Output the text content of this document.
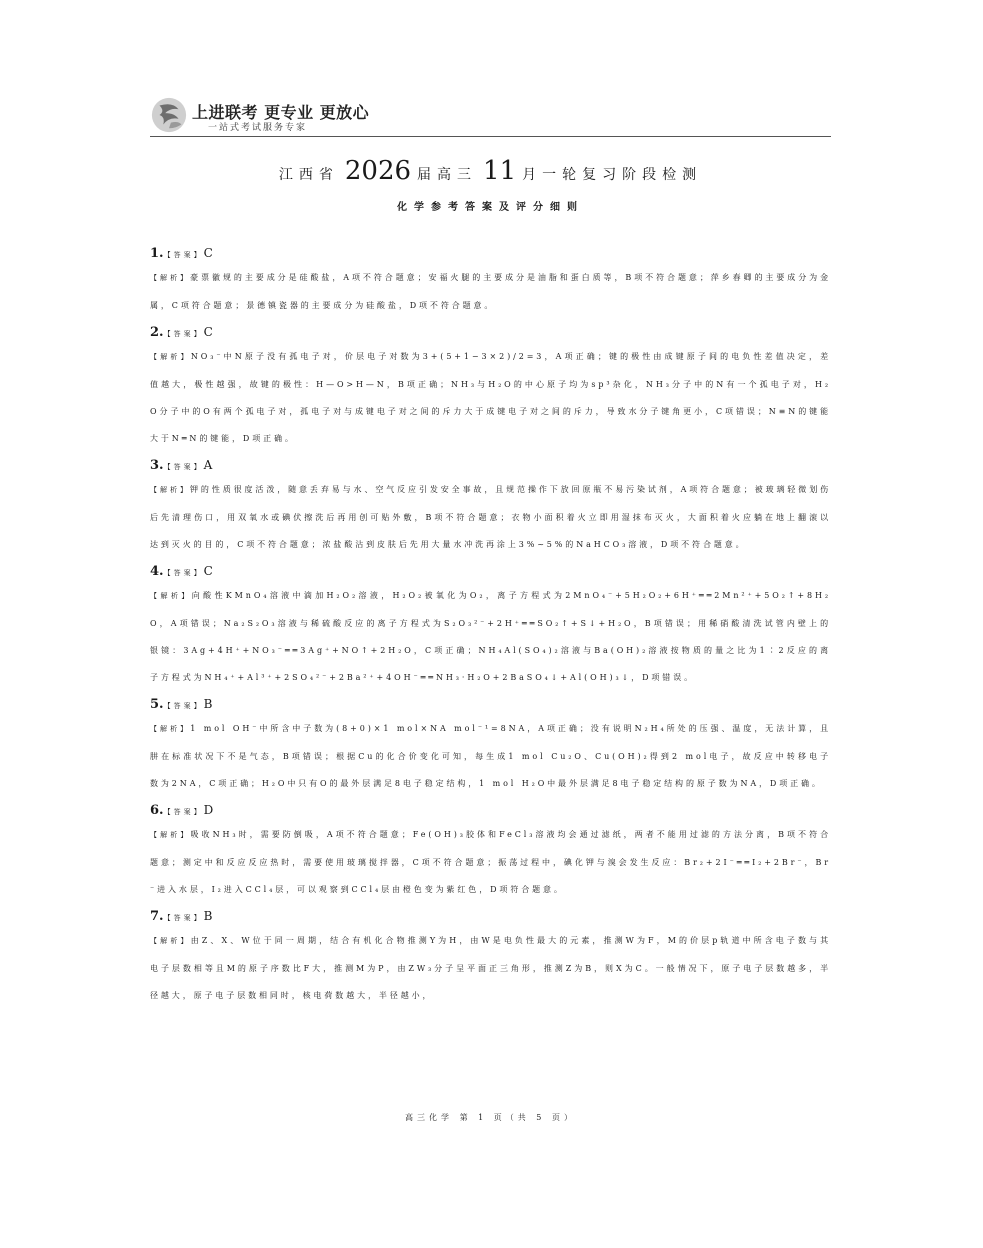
上进联考 更专业 更放心
一站式考试服务专家
江西省 2026 届高三 11 月一轮复习阶段检测
化学参考答案及评分细则
1.【答案】C
【解析】豪票徽规的主要成分是硅酸盐，A项不符合题意；安福火腿的主要成分是油脂和蛋白质等，B项不符合题意；萍乡春卿的主要成分为金属，C项符合题意；景德镇瓷器的主要成分为硅酸盐，D项不符合题意。
2.【答案】C
【解析】NO₃⁻中N原子没有孤电子对，价层电子对数为3+(5+1−3×2)/2=3，A项正确；键的极性由成键原子间的电负性差值决定，差值越大，极性越强，故键的极性：H—O>H—N，B项正确；NH₃与H₂O的中心原子均为sp³杂化，NH₃分子中的N有一个孤电子对，H₂O分子中的O有两个孤电子对，孤电子对与成键电子对之间的斥力大于成键电子对之间的斥力，导致水分子键角更小，C项错误；N≡N的键能大于N═N的键能，D项正确。
3.【答案】A
【解析】钾的性质很度活泼，随意丢弃易与水、空气反应引发安全事故，且规范操作下放回原瓶不易污染试剂，A项符合题意；被玻璃轻微划伤后先清理伤口，用双氧水或碘伏擦洗后再用创可贴外敷，B项不符合题意；衣物小面积着火立即用湿抹布灭火，大面积着火应躺在地上翻滚以达到灭火的目的，C项不符合题意；浓盐酸沾到皮肤后先用大量水冲洗再涂上3%~5%的NaHCO₃溶液，D项不符合题意。
4.【答案】C
【解析】向酸性KMnO₄溶液中滴加H₂O₂溶液，H₂O₂被氧化为O₂，离子方程式为2MnO₄⁻+5H₂O₂+6H⁺══2Mn²⁺+5O₂↑+8H₂O，A项错误；Na₂S₂O₃溶液与稀硫酸反应的离子方程式为S₂O₃²⁻+2H⁺══SO₂↑+S↓+H₂O，B项错误；用稀硝酸清洗试管内壁上的银镜：3Ag+4H⁺+NO₃⁻══3Ag⁺+NO↑+2H₂O，C项正确；NH₄Al(SO₄)₂溶液与Ba(OH)₂溶液按物质的量之比为1∶2反应的离子方程式为NH₄⁺+Al³⁺+2SO₄²⁻+2Ba²⁺+4OH⁻══NH₃·H₂O+2BaSO₄↓+Al(OH)₃↓，D项错误。
5.【答案】B
【解析】1 mol OH⁻中所含中子数为(8+0)×1 mol×NA mol⁻¹=8NA，A项正确；没有说明N₂H₄所处的压强、温度，无法计算，且肼在标准状况下不是气态，B项错误；根据Cu的化合价变化可知，每生成1 mol Cu₂O、Cu(OH)₂得到2 mol电子，故反应中转移电子数为2NA，C项正确；H₂O中只有O的最外层满足8电子稳定结构，1 mol H₂O中最外层满足8电子稳定结构的原子数为NA，D项正确。
6.【答案】D
【解析】吸收NH₃时，需要防倒吸，A项不符合题意；Fe(OH)₃胶体和FeCl₃溶液均会通过滤纸，两者不能用过滤的方法分离，B项不符合题意；测定中和反应反应热时，需要使用玻璃搅拌器，C项不符合题意；振荡过程中，碘化钾与溴会发生反应：Br₂+2I⁻══I₂+2Br⁻，Br⁻进入水层，I₂进入CCl₄层，可以观察到CCl₄层由橙色变为紫红色，D项符合题意。
7.【答案】B
【解析】由Z、X、W位于同一周期，结合有机化合物推测Y为H，由W是电负性最大的元素，推测W为F，M的价层p轨道中所含电子数与其电子层数相等且M的原子序数比F大，推测M为P，由ZW₃分子呈平面正三角形，推测Z为B，则X为C。一般情况下，原子电子层数越多，半径越大，原子电子层数相同时，核电荷数越大，半径越小，
高三化学 第 1 页（共 5 页）
